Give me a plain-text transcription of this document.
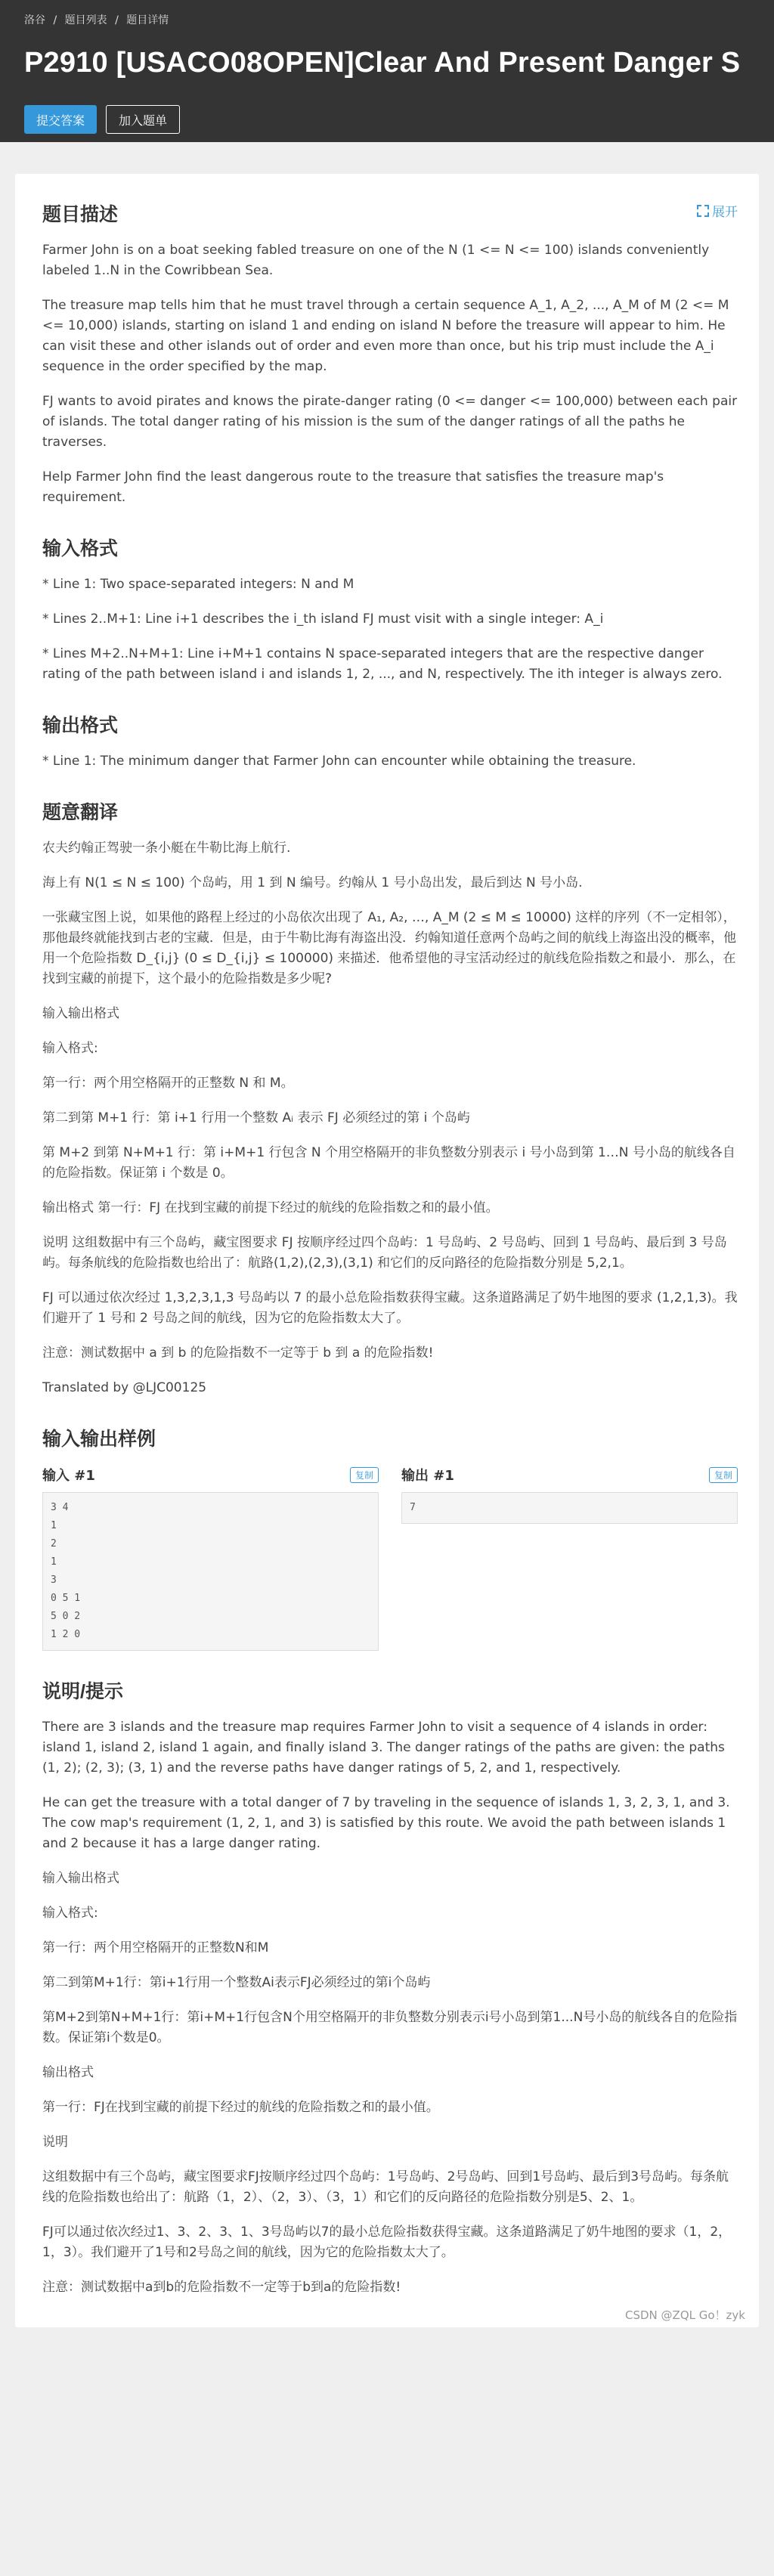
洛谷 / 题目列表 / 题目详情
P2910 [USACO08OPEN]Clear And Present Danger S
提交答案	加入题单
展开
题目描述

Farmer John is on a boat seeking fabled treasure on one of the N (1 <= N <= 100) islands conveniently labeled 1..N in the Cowribbean Sea.

The treasure map tells him that he must travel through a certain sequence A_1, A_2, ..., A_M of M (2 <= M <= 10,000) islands, starting on island 1 and ending on island N before the treasure will appear to him. He can visit these and other islands out of order and even more than once, but his trip must include the A_i sequence in the order specified by the map.

FJ wants to avoid pirates and knows the pirate-danger rating (0 <= danger <= 100,000) between each pair of islands. The total danger rating of his mission is the sum of the danger ratings of all the paths he traverses.

Help Farmer John find the least dangerous route to the treasure that satisfies the treasure map's requirement.

输入格式

* Line 1: Two space-separated integers: N and M

* Lines 2..M+1: Line i+1 describes the i_th island FJ must visit with a single integer: A_i

* Lines M+2..N+M+1: Line i+M+1 contains N space-separated integers that are the respective danger rating of the path between island i and islands 1, 2, ..., and N, respectively. The ith integer is always zero.

输出格式

* Line 1: The minimum danger that Farmer John can encounter while obtaining the treasure.

题意翻译

农夫约翰正驾驶一条小艇在牛勒比海上航行.

海上有 N(1 ≤ N ≤ 100) 个岛屿，用 1 到 N 编号。约翰从 1 号小岛出发，最后到达 N 号小岛.

一张藏宝图上说，如果他的路程上经过的小岛依次出现了 A₁, A₂, …, A_M (2 ≤ M ≤ 10000) 这样的序列（不一定相邻），那他最终就能找到古老的宝藏．但是，由于牛勒比海有海盗出没．约翰知道任意两个岛屿之间的航线上海盗出没的概率，他用一个危险指数 D_{i,j} (0 ≤ D_{i,j} ≤ 100000) 来描述．他希望他的寻宝活动经过的航线危险指数之和最小．那么，在找到宝藏的前提下，这个最小的危险指数是多少呢?

输入输出格式

输入格式:

第一行：两个用空格隔开的正整数 N 和 M。

第二到第 M+1 行：第 i+1 行用一个整数 Aᵢ 表示 FJ 必须经过的第 i 个岛屿

第 M+2 到第 N+M+1 行：第 i+M+1 行包含 N 个用空格隔开的非负整数分别表示 i 号小岛到第 1…N 号小岛的航线各自的危险指数。保证第 i 个数是 0。

输出格式 第一行：FJ 在找到宝藏的前提下经过的航线的危险指数之和的最小值。

说明 这组数据中有三个岛屿，藏宝图要求 FJ 按顺序经过四个岛屿：1 号岛屿、2 号岛屿、回到 1 号岛屿、最后到 3 号岛屿。每条航线的危险指数也给出了：航路(1,2),(2,3),(3,1) 和它们的反向路径的危险指数分别是 5,2,1。

FJ 可以通过依次经过 1,3,2,3,1,3 号岛屿以 7 的最小总危险指数获得宝藏。这条道路满足了奶牛地图的要求 (1,2,1,3)。我们避开了 1 号和 2 号岛之间的航线，因为它的危险指数太大了。

注意：测试数据中 a 到 b 的危险指数不一定等于 b 到 a 的危险指数!

Translated by @LJC00125

输入输出样例
输入 #1	复制
3 4
1
2
1
3
0 5 1
5 0 2
1 2 0
输出 #1	复制
7
说明/提示

There are 3 islands and the treasure map requires Farmer John to visit a sequence of 4 islands in order: island 1, island 2, island 1 again, and finally island 3. The danger ratings of the paths are given: the paths (1, 2); (2, 3); (3, 1) and the reverse paths have danger ratings of 5, 2, and 1, respectively.

He can get the treasure with a total danger of 7 by traveling in the sequence of islands 1, 3, 2, 3, 1, and 3. The cow map's requirement (1, 2, 1, and 3) is satisfied by this route. We avoid the path between islands 1 and 2 because it has a large danger rating.

输入输出格式

输入格式:

第一行：两个用空格隔开的正整数N和M

第二到第M+1行：第i+1行用一个整数Ai表示FJ必须经过的第i个岛屿

第M+2到第N+M+1行：第i+M+1行包含N个用空格隔开的非负整数分别表示i号小岛到第1...N号小岛的航线各自的危险指数。保证第i个数是0。

输出格式

第一行：FJ在找到宝藏的前提下经过的航线的危险指数之和的最小值。

说明

这组数据中有三个岛屿，藏宝图要求FJ按顺序经过四个岛屿：1号岛屿、2号岛屿、回到1号岛屿、最后到3号岛屿。每条航线的危险指数也给出了：航路（1，2）、（2，3）、（3，1）和它们的反向路径的危险指数分别是5、2、1。

FJ可以通过依次经过1、3、2、3、1、3号岛屿以7的最小总危险指数获得宝藏。这条道路满足了奶牛地图的要求（1，2，1，3）。我们避开了1号和2号岛之间的航线，因为它的危险指数太大了。

注意：测试数据中a到b的危险指数不一定等于b到a的危险指数!

CSDN @ZQL Go！zyk
